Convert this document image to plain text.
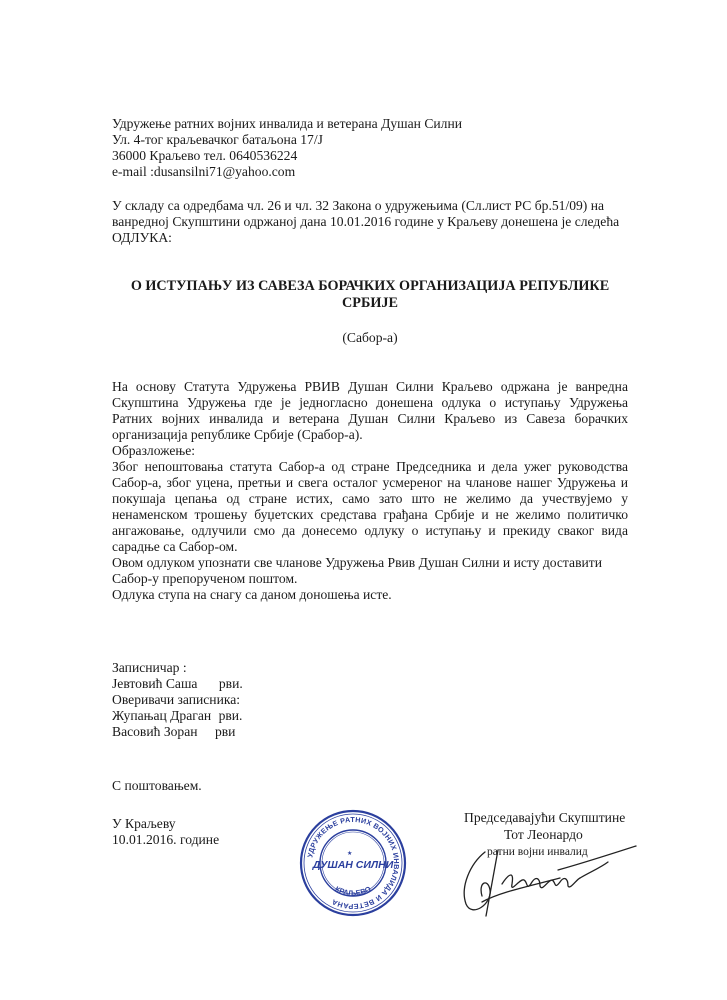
Удружење ратних војних инвалида и ветерана Душан Силни
Ул. 4-тог краљевачког батаљона 17/Ј
36000 Краљево тел. 0640536224
e-mail :dusansilni71@yahoo.com
У складу са одредбама чл. 26 и чл. 32 Закона о удружењима (Сл.лист РС бр.51/09) на
ванредној Скупштини одржаној дана 10.01.2016 године у Краљеву донешена је следећа
ОДЛУКА:
О ИСТУПАЊУ ИЗ САВЕЗА БОРАЧКИХ ОРГАНИЗАЦИЈА РЕПУБЛИКЕ
СРБИЈЕ
(Сабор-а)
На основу Статута Удружења РВИВ Душан Силни Краљево одржана је ванредна
Скупштина Удружења где је једногласно донешена одлука о иступању Удружења
Ратних војних инвалида и ветерана Душан Силни Краљево из Савеза борачких
организација републике Србије (Срабор-а).
Образложење:
Због непоштовања статута Сабор-а од стране Председника и дела ужег руководства
Сабор-а, због уцена, претњи и свега осталог усмереног на чланове нашег Удружења и
покушаја цепања од стране истих, само зато што не желимо да учествујемо у
ненаменском трошењу буџетских средстава грађана Србије и не желимо политичко
ангажовање, одлучили смо да донесемо одлуку о иступању и прекиду сваког вида
сарадње са Сабор-ом.
Овом одлуком упознати све чланове Удружења Рвив Душан Силни и исту доставити
Сабор-у препорученом поштом.
Одлука ступа на снагу са даном доношења исте.
Записничар :
Јевтовић Саша рви.
Оверивачи записника:
Жупањац Драган рви.
Васовић Зоран рви
С поштовањем.
У Краљеву
10.01.2016. године
УДРУЖЕЊЕ РАТНИХ ВОЈНИХ ИНВАЛИДА И ВЕТЕРАНА
ДУШАН СИЛНИ
КРАЉЕВО
★
Председавајући Скупштине
Тот Леонардо
ратни војни инвалид
